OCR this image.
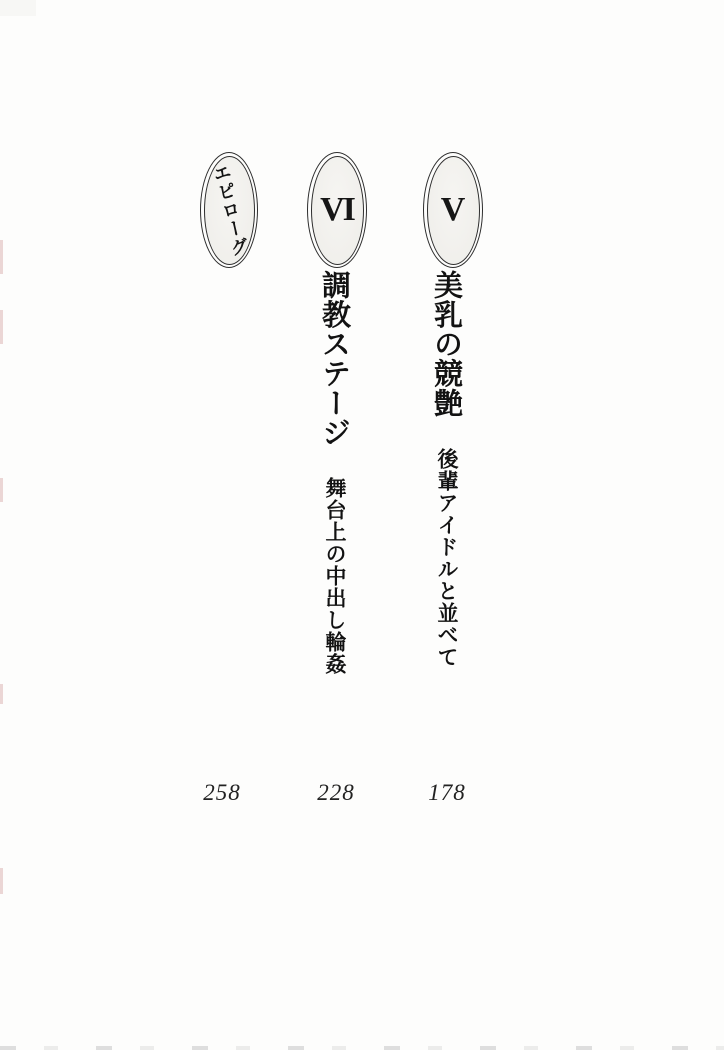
V
美乳の競艶後輩アイドルと並べて
178
VI
調教ステージ舞台上の中出し輪姦
228
エピローグ
258
